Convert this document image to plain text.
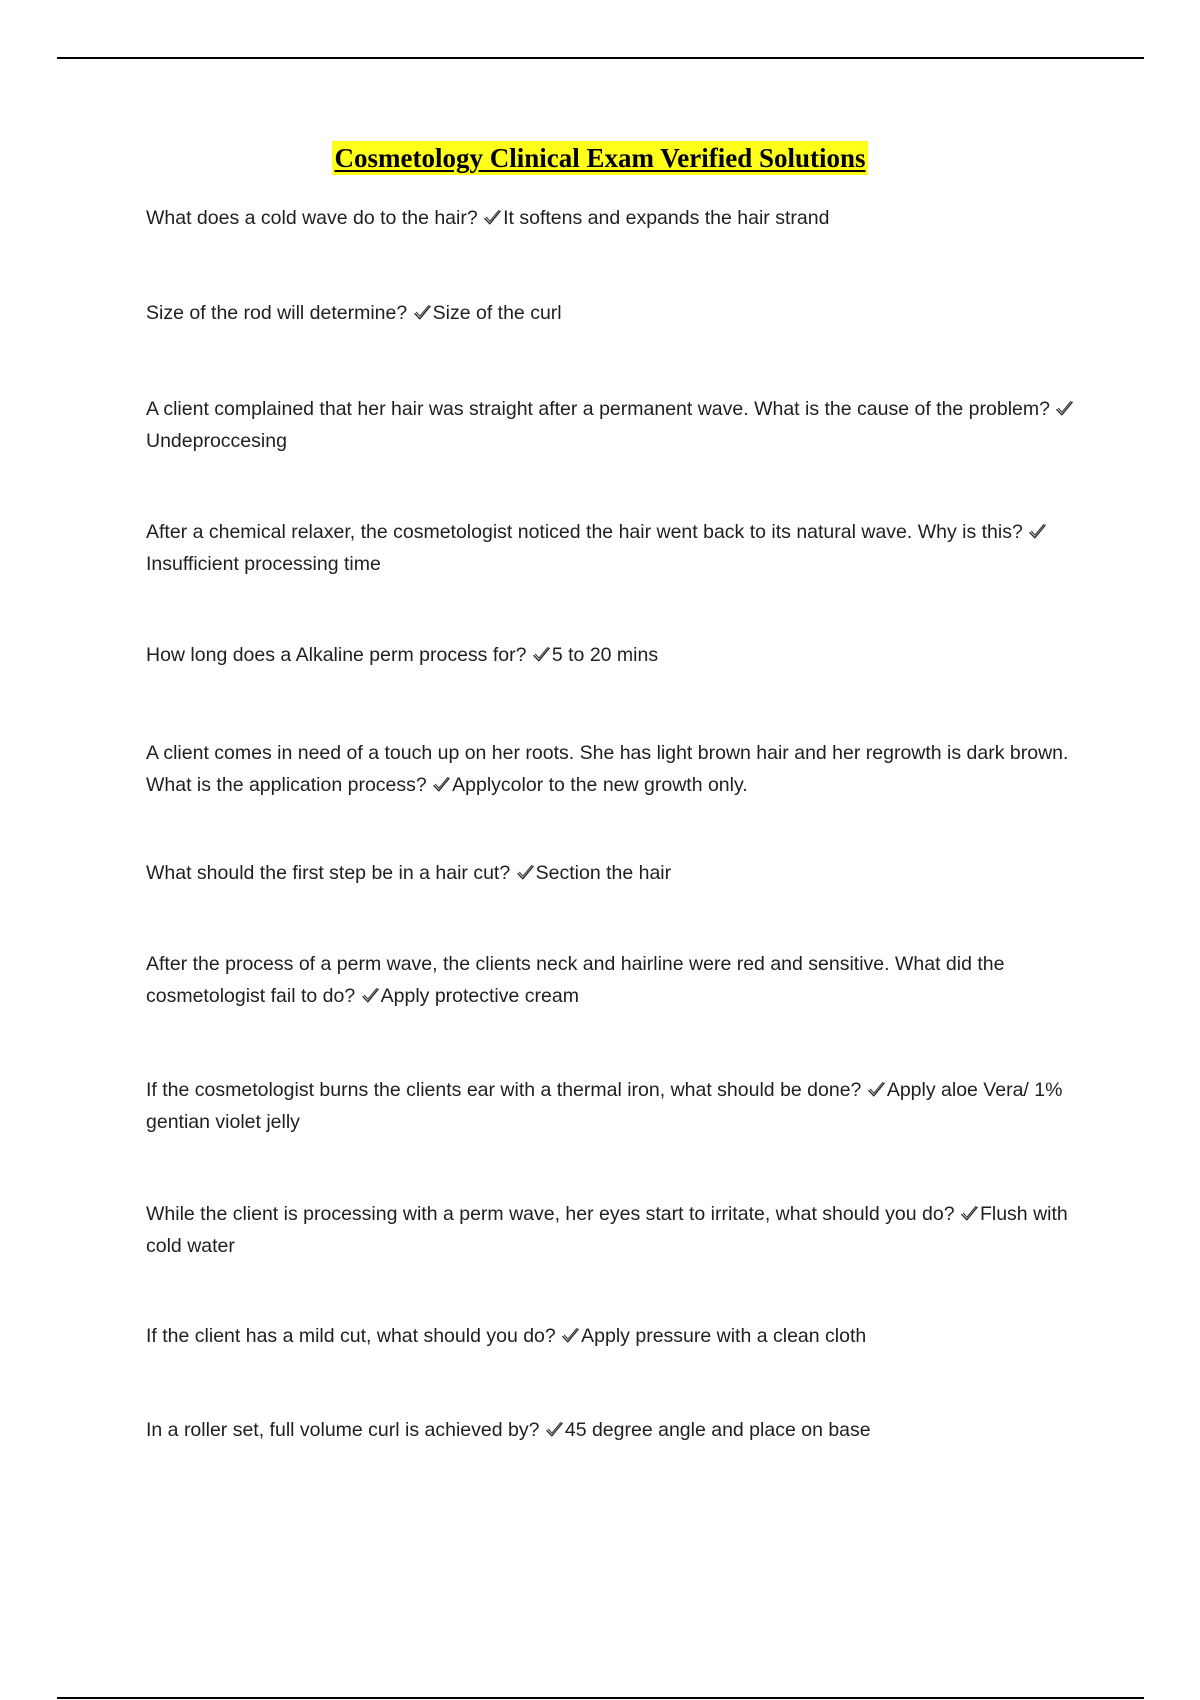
Cosmetology Clinical Exam Verified Solutions
What does a cold wave do to the hair?
It softens and expands the hair strand
Size of the rod will determine?
Size of the curl
A client complained that her hair was straight after a permanent wave. What is the cause of the problem?
Undeproccesing
After a chemical relaxer, the cosmetologist noticed the hair went back to its natural wave. Why is this?
Insufficient processing time
How long does a Alkaline perm process for?
5 to 20 mins
A client comes in need of a touch up on her roots. She has light brown hair and her regrowth is dark brown. What is the application process?
Applycolor to the new growth only.
What should the first step be in a hair cut?
Section the hair
After the process of a perm wave, the clients neck and hairline were red and sensitive. What did the cosmetologist fail to do?
Apply protective cream
If the cosmetologist burns the clients ear with a thermal iron, what should be done?
Apply aloe Vera/ 1% gentian violet jelly
While the client is processing with a perm wave, her eyes start to irritate, what should you do?
Flush with cold water
If the client has a mild cut, what should you do?
Apply pressure with a clean cloth
In a roller set, full volume curl is achieved by?
45 degree angle and place on base
